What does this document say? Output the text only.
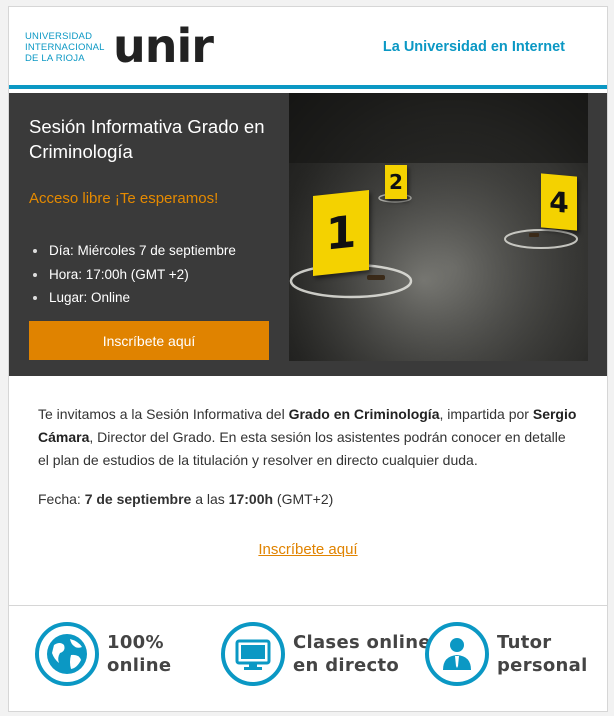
UNIVERSIDAD
INTERNACIONAL
DE LA RIOJA unir	La Universidad en Internet
Sesión Informativa Grado en Criminología
Acceso libre ¡Te esperamos!
Día: Miércoles 7 de septiembre
Hora: 17:00h (GMT +2)
Lugar: Online
Inscríbete aquí
1
2
4
Te invitamos a la Sesión Informativa del Grado en Criminología, impartida por Sergio Cámara, Director del Grado. En esta sesión los asistentes podrán conocer en detalle el plan de estudios de la titulación y resolver en directo cualquier duda.
Fecha: 7 de septiembre a las 17:00h (GMT+2)
Inscríbete aquí
100%
online
Clases online
en directo
Tutor
personal
